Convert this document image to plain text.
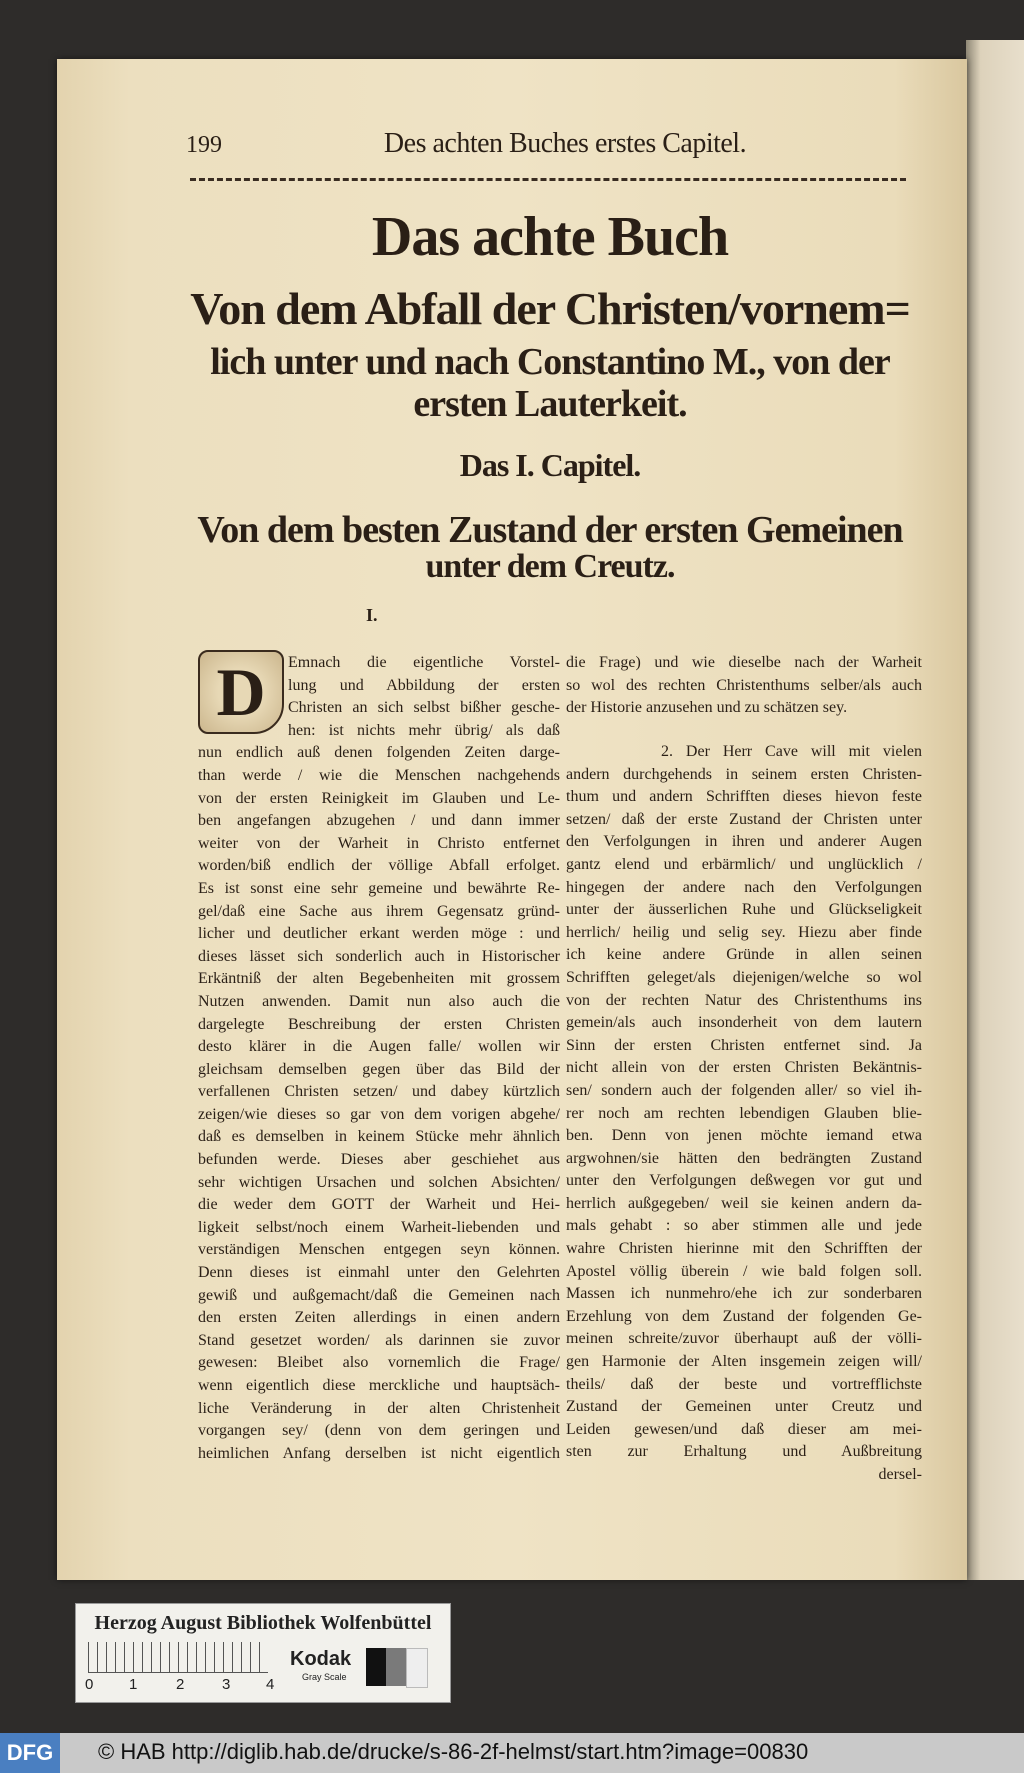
199	Des achten Buches erstes Capitel.
Das achte Buch
Von dem Abfall der Christen/vornem=
lich unter und nach Constantino M., von der
ersten Lauterkeit.
Das I. Capitel.
Von dem besten Zustand der ersten Gemeinen
unter dem Creutz.
I.
D	Emnach die eigentliche Vorstel-
lung und Abbildung der ersten
Christen an sich selbst bißher gesche-
hen: ist nichts mehr übrig/ als daß
nun endlich auß denen folgenden Zeiten darge-
than werde / wie die Menschen nachgehends
von der ersten Reinigkeit im Glauben und Le-
ben angefangen abzugehen / und dann immer
weiter von der Warheit in Christo entfernet
worden/biß endlich der völlige Abfall erfolget.
Es ist sonst eine sehr gemeine und bewährte Re-
gel/daß eine Sache aus ihrem Gegensatz gründ-
licher und deutlicher erkant werden möge : und
dieses lässet sich sonderlich auch in Historischer
Erkäntniß der alten Begebenheiten mit grossem
Nutzen anwenden. Damit nun also auch die
dargelegte Beschreibung der ersten Christen
desto klärer in die Augen falle/ wollen wir
gleichsam demselben gegen über das Bild der
verfallenen Christen setzen/ und dabey kürtzlich
zeigen/wie dieses so gar von dem vorigen abgehe/
daß es demselben in keinem Stücke mehr ähnlich
befunden werde. Dieses aber geschiehet aus
sehr wichtigen Ursachen und solchen Absichten/
die weder dem GOTT der Warheit und Hei-
ligkeit selbst/noch einem Warheit-liebenden und
verständigen Menschen entgegen seyn können.
Denn dieses ist einmahl unter den Gelehrten
gewiß und außgemacht/daß die Gemeinen nach
den ersten Zeiten allerdings in einen andern
Stand gesetzet worden/ als darinnen sie zuvor
gewesen: Bleibet also vornemlich die Frage/
wenn eigentlich diese merckliche und hauptsäch-
liche Veränderung in der alten Christenheit
vorgangen sey/ (denn von dem geringen und
heimlichen Anfang derselben ist nicht eigentlich
die Frage) und wie dieselbe nach der Warheit
so wol des rechten Christenthums selber/als auch
der Historie anzusehen und zu schätzen sey.
2. Der Herr Cave will mit vielen
andern durchgehends in seinem ersten Christen-
thum und andern Schrifften dieses hievon feste
setzen/ daß der erste Zustand der Christen unter
den Verfolgungen in ihren und anderer Augen
gantz elend und erbärmlich/ und unglücklich /
hingegen der andere nach den Verfolgungen
unter der äusserlichen Ruhe und Glückseligkeit
herrlich/ heilig und selig sey. Hiezu aber finde
ich keine andere Gründe in allen seinen
Schrifften geleget/als diejenigen/welche so wol
von der rechten Natur des Christenthums ins
gemein/als auch insonderheit von dem lautern
Sinn der ersten Christen entfernet sind. Ja
nicht allein von der ersten Christen Bekäntnis-
sen/ sondern auch der folgenden aller/ so viel ih-
rer noch am rechten lebendigen Glauben blie-
ben. Denn von jenen möchte iemand etwa
argwohnen/sie hätten den bedrängten Zustand
unter den Verfolgungen deßwegen vor gut und
herrlich außgegeben/ weil sie keinen andern da-
mals gehabt : so aber stimmen alle und jede
wahre Christen hierinne mit den Schrifften der
Apostel völlig überein / wie bald folgen soll.
Massen ich nunmehro/ehe ich zur sonderbaren
Erzehlung von dem Zustand der folgenden Ge-
meinen schreite/zuvor überhaupt auß der völli-
gen Harmonie der Alten insgemein zeigen will/
theils/ daß der beste und vortrefflichste
Zustand der Gemeinen unter Creutz und
Leiden gewesen/und daß dieser am mei-
sten zur Erhaltung und Außbreitung
dersel-
Herzog August Bibliothek Wolfenbüttel
0 1	2	3 4
Kodak
Gray Scale
DFG	© HAB http://diglib.hab.de/drucke/s-86-2f-helmst/start.htm?image=00830
